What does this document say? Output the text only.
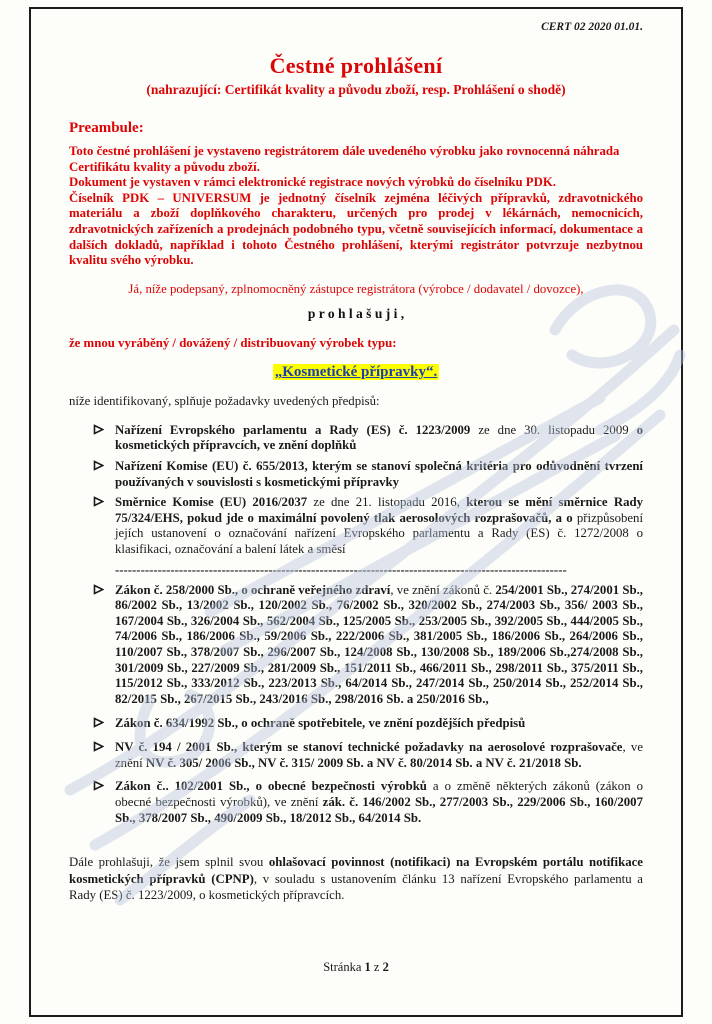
CERT 02 2020 01.01.
Čestné prohlášení
(nahrazující: Certifikát kvality a původu zboží, resp. Prohlášení o shodě)
Preambule:

Toto čestné prohlášení je vystaveno registrátorem dále uvedeného výrobku jako rovnocenná náhrada Certifikátu kvality a původu zboží.

Dokument je vystaven v rámci elektronické registrace nových výrobků do číselníku PDK.

Číselník PDK – UNIVERSUM je jednotný číselník zejména léčivých přípravků, zdravotnického materiálu a zboží doplňkového charakteru, určených pro prodej v lékárnách, nemocnicích, zdravotnických zařízeních a prodejnách podobného typu, včetně souvisejících informací, dokumentace a dalších dokladů, například i tohoto Čestného prohlášení, kterými registrátor potvrzuje nezbytnou kvalitu svého výrobku.

Já, níže podepsaný, zplnomocněný zástupce registrátora (výrobce / dodavatel / dovozce),

p r o h l a š u j i ,

že mnou vyráběný / dovážený / distribuovaný výrobek typu:

„Kosmetické přípravky“.

níže identifikovaný, splňuje požadavky uvedených předpisů:

Nařízení Evropského parlamentu a Rady (ES) č. 1223/2009 ze dne 30. listopadu 2009 o kosmetických přípravcích, ve znění doplňků
Nařízení Komise (EU) č. 655/2013, kterým se stanoví společná kritéria pro odůvodnění tvrzení používaných v souvislosti s kosmetickými přípravky
Směrnice Komise (EU) 2016/2037 ze dne 21. listopadu 2016, kterou se mění směrnice Rady 75/324/EHS, pokud jde o maximální povolený tlak aerosolových rozprašovačů, a o přizpůsobení jejích ustanovení o označování nařízení Evropského parlamentu a Rady (ES) č. 1272/2008 o klasifikaci, označování a balení látek a směsí
----------------------------------------------------------------------------------------------------------
Zákon č. 258/2000 Sb., o ochraně veřejného zdraví, ve znění zákonů č. 254/2001 Sb., 274/2001 Sb., 86/2002 Sb., 13/2002 Sb., 120/2002 Sb., 76/2002 Sb., 320/2002 Sb., 274/2003 Sb., 356/ 2003 Sb., 167/2004 Sb., 326/2004 Sb., 562/2004 Sb., 125/2005 Sb., 253/2005 Sb., 392/2005 Sb., 444/2005 Sb., 74/2006 Sb., 186/2006 Sb., 59/2006 Sb., 222/2006 Sb., 381/2005 Sb., 186/2006 Sb., 264/2006 Sb., 110/2007 Sb., 378/2007 Sb., 296/2007 Sb., 124/2008 Sb., 130/2008 Sb., 189/2006 Sb.,274/2008 Sb., 301/2009 Sb., 227/2009 Sb., 281/2009 Sb., 151/2011 Sb., 466/2011 Sb., 298/2011 Sb., 375/2011 Sb., 115/2012 Sb., 333/2012 Sb., 223/2013 Sb., 64/2014 Sb., 247/2014 Sb., 250/2014 Sb., 252/2014 Sb., 82/2015 Sb., 267/2015 Sb., 243/2016 Sb., 298/2016 Sb. a 250/2016 Sb.,
Zákon č. 634/1992 Sb., o ochraně spotřebitele, ve znění pozdějších předpisů
NV č. 194 / 2001 Sb., kterým se stanoví technické požadavky na aerosolové rozprašovače, ve znění NV č. 305/ 2006 Sb., NV č. 315/ 2009 Sb. a NV č. 80/2014 Sb. a NV č. 21/2018 Sb.
Zákon č.. 102/2001 Sb., o obecné bezpečnosti výrobků a o změně některých zákonů (zákon o obecné bezpečnosti výrobků), ve znění zák. č. 146/2002 Sb., 277/2003 Sb., 229/2006 Sb., 160/2007 Sb., 378/2007 Sb., 490/2009 Sb., 18/2012 Sb., 64/2014 Sb.

Dále prohlašuji, že jsem splnil svou ohlašovací povinnost (notifikaci) na Evropském portálu notifikace kosmetických přípravků (CPNP), v souladu s ustanovením článku 13 nařízení Evropského parlamentu a Rady (ES) č. 1223/2009, o kosmetických přípravcích.

Stránka 1 z 2
